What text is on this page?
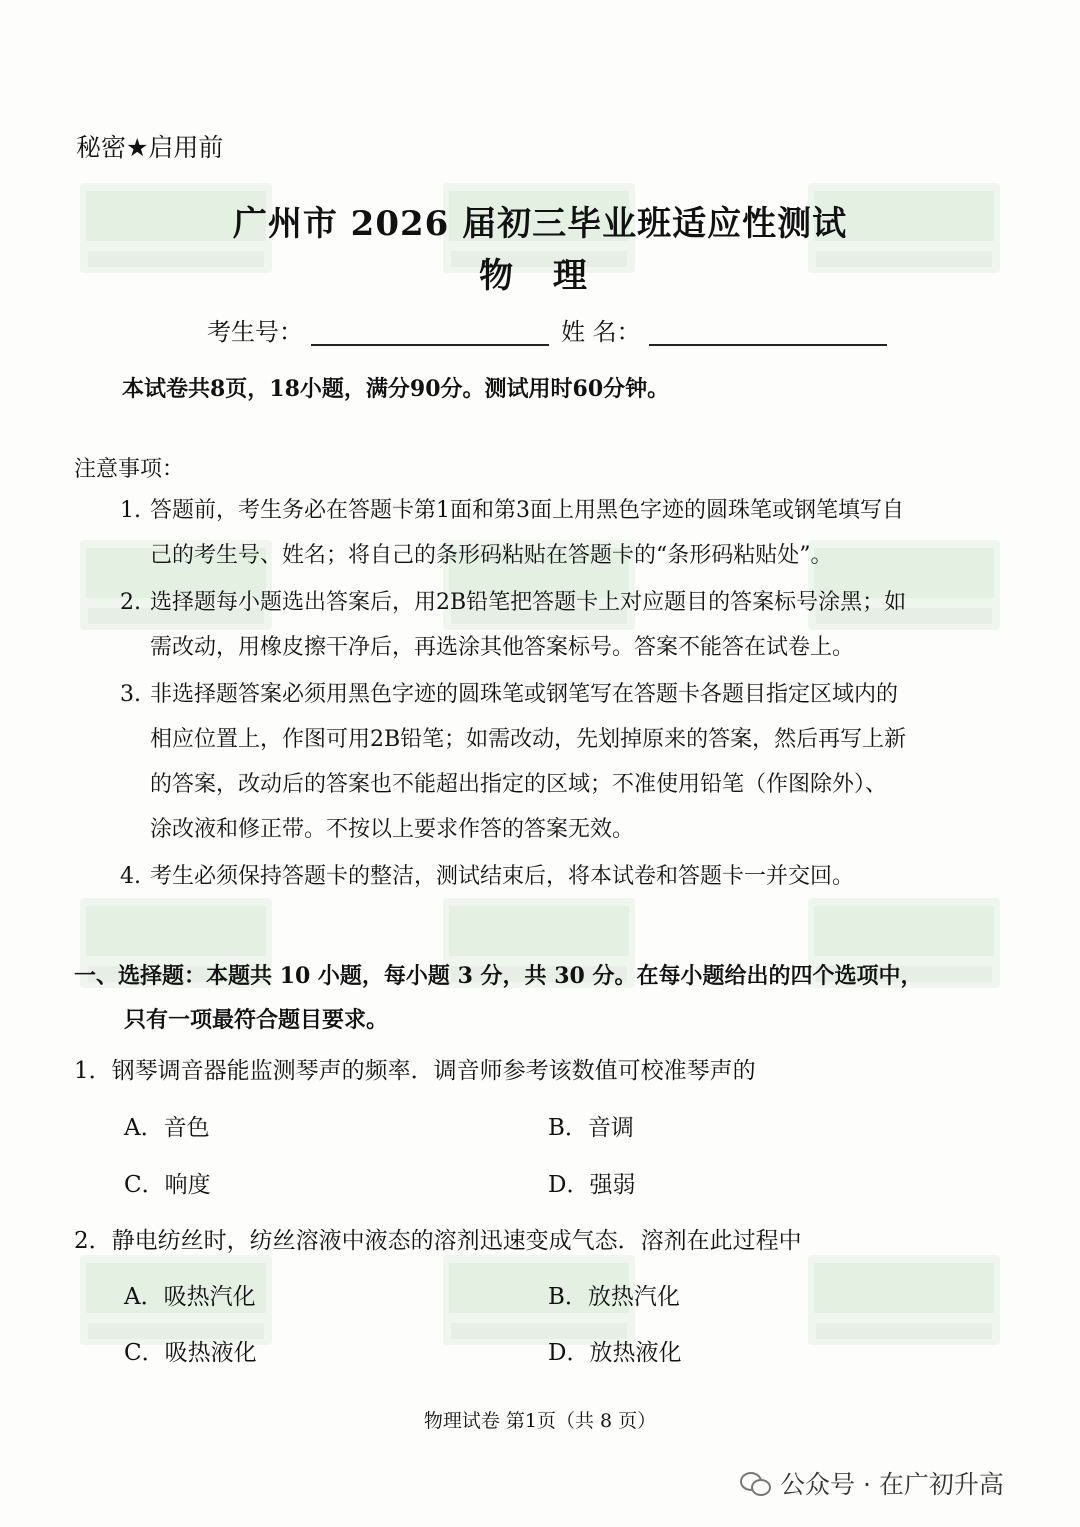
秘密★启用前
广州市 2026 届初三毕业班适应性测试
物 理
考生号：	姓 名：
本试卷共8页，18小题，满分90分。测试用时60分钟。
注意事项：
1. 答题前，考生务必在答题卡第1面和第3面上用黑色字迹的圆珠笔或钢笔填写自
己的考生号、姓名；将自己的条形码粘贴在答题卡的“条形码粘贴处”。
2. 选择题每小题选出答案后，用2B铅笔把答题卡上对应题目的答案标号涂黑；如
需改动，用橡皮擦干净后，再选涂其他答案标号。答案不能答在试卷上。
3. 非选择题答案必须用黑色字迹的圆珠笔或钢笔写在答题卡各题目指定区域内的
相应位置上，作图可用2B铅笔；如需改动，先划掉原来的答案，然后再写上新
的答案，改动后的答案也不能超出指定的区域；不准使用铅笔（作图除外）、
涂改液和修正带。不按以上要求作答的答案无效。
4. 考生必须保持答题卡的整洁，测试结束后，将本试卷和答题卡一并交回。
一、选择题：本题共 10 小题，每小题 3 分，共 30 分。在每小题给出的四个选项中，
只有一项最符合题目要求。
1．钢琴调音器能监测琴声的频率．调音师参考该数值可校准琴声的
A．音色	B．音调
C．响度	D．强弱
2．静电纺丝时，纺丝溶液中液态的溶剂迅速变成气态．溶剂在此过程中
A．吸热汽化	B．放热汽化
C．吸热液化	D．放热液化
物理试卷 第1页（共 8 页）
公众号 · 在广初升高
